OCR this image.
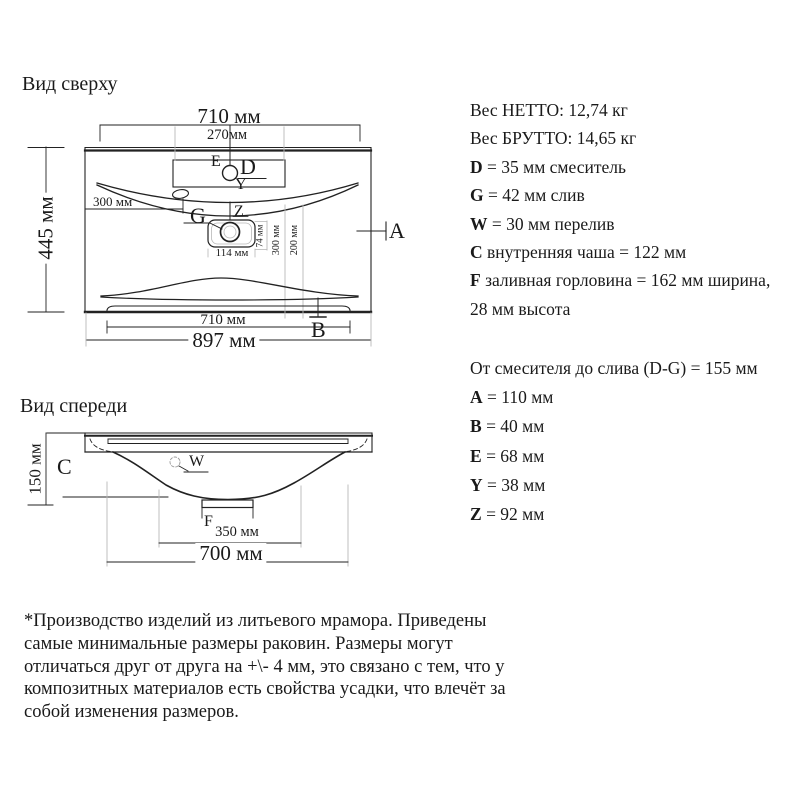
Вид сверху
710 мм
270мм
445 мм	300 мм
E D
Y
G Z
A
B
74 мм 300 мм 200 мм
114 мм
710 мм
897 мм
Вид спереди
150 мм C	W
F
350 мм
700 мм
Вес НЕТТО: 12,74 кг
Вес БРУТТО: 14,65 кг
D = 35 мм смеситель
G = 42 мм слив
W = 30 мм перелив
C внутренняя чаша = 122 мм
F заливная горловина = 162 мм ширина,
28 мм высота
От смесителя до слива (D-G) = 155 мм
A = 110 мм
B = 40 мм
E = 68 мм
Y = 38 мм
Z = 92 мм
*Производство изделий из литьевого мрамора. Приведены
самые минимальные размеры раковин. Размеры могут
отличаться друг от друга на +\- 4 мм, это связано с тем, что у
композитных материалов есть свойства усадки, что влечёт за
собой изменения размеров.
